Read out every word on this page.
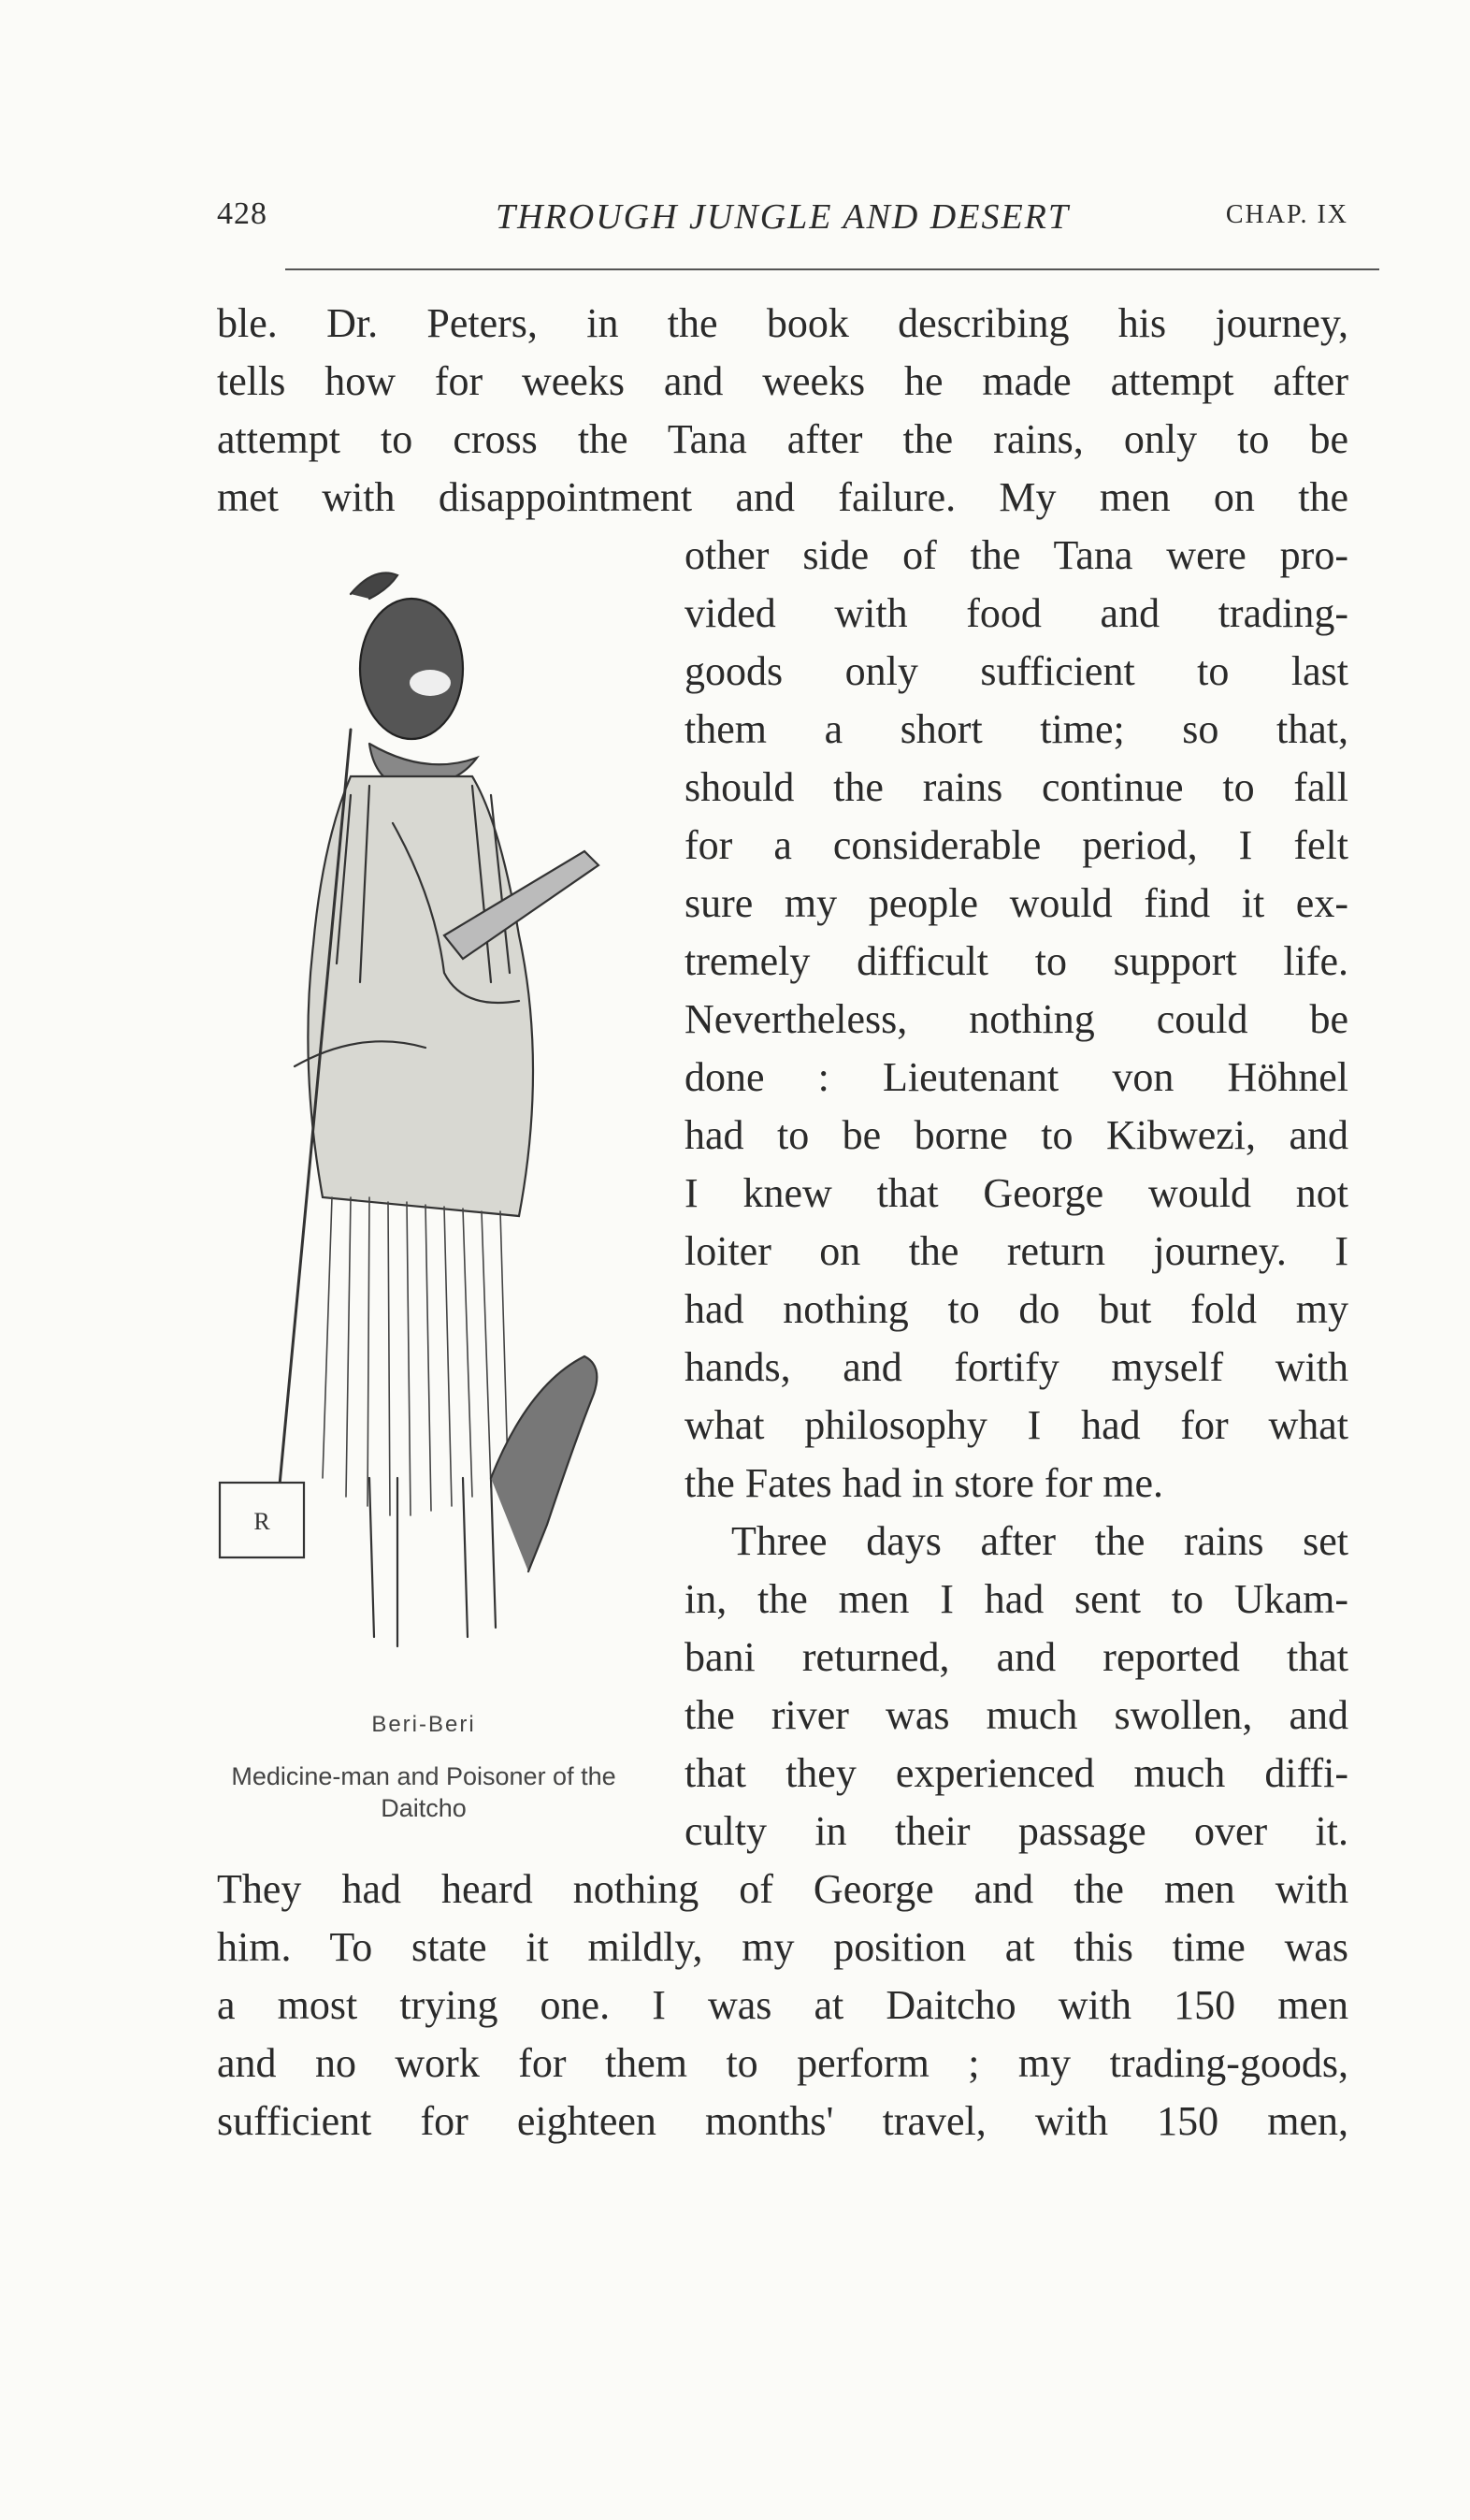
428	THROUGH JUNGLE AND DESERT	CHAP. IX
ble. Dr. Peters, in the book describing his journey,
tells how for weeks and weeks he made attempt after
attempt to cross the Tana after the rains, only to be
met with disappointment and failure. My men on the
other side of the Tana were pro-
vided with food and trading-
goods only sufficient to last
them a short time; so that,
should the rains continue to fall
for a considerable period, I felt
sure my people would find it ex-
tremely difficult to support life.
Nevertheless, nothing could be
done : Lieutenant von Höhnel
had to be borne to Kibwezi, and
I knew that George would not
loiter on the return journey. I
had nothing to do but fold my
hands, and fortify myself with
what philosophy I had for what
the Fates had in store for me.
Three days after the rains set
in, the men I had sent to Ukam-
bani returned, and reported that
the river was much swollen, and
that they experienced much diffi-
culty in their passage over it.
They had heard nothing of George and the men with
him. To state it mildly, my position at this time was
a most trying one. I was at Daitcho with 150 men
and no work for them to perform ; my trading-goods,
sufficient for eighteen months' travel, with 150 men,
R
Beri-Beri
Medicine-man and Poisoner of the Daitcho
